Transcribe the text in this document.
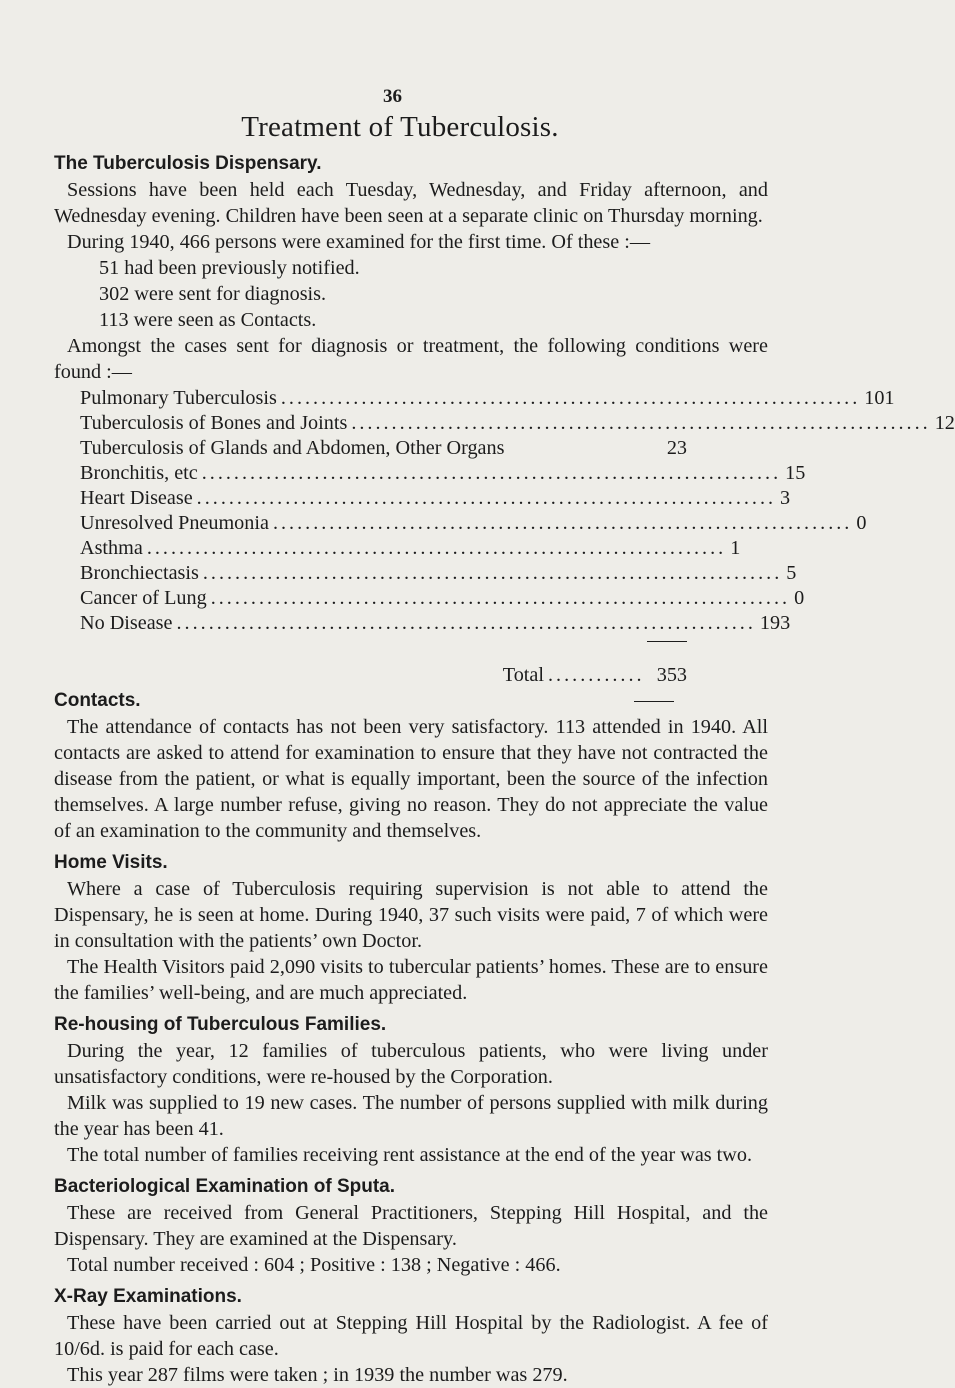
36
Treatment of Tuberculosis.
The Tuberculosis Dispensary.

Sessions have been held each Tuesday, Wednesday, and Friday afternoon, and Wednesday evening. Children have been seen at a separate clinic on Thursday morning.

During 1940, 466 persons were examined for the first time. Of these :—

51 had been previously notified.
302 were sent for diagnosis.
113 were seen as Contacts.

Amongst the cases sent for diagnosis or treatment, the following conditions were found :—

Pulmonary Tuberculosis ........................................................................ 101
Tuberculosis of Bones and Joints ........................................................................ 12
Tuberculosis of Glands and Abdomen, Other Organs	23
Bronchitis, etc ........................................................................ 15
Heart Disease ........................................................................ 3
Unresolved Pneumonia ........................................................................ 0
Asthma ........................................................................ 1
Bronchiectasis ........................................................................ 5
Cancer of Lung ........................................................................ 0
No Disease ........................................................................ 193
Total ............ 353
Contacts.

The attendance of contacts has not been very satisfactory. 113 attended in 1940. All contacts are asked to attend for examination to ensure that they have not contracted the disease from the patient, or what is equally important, been the source of the infection themselves. A large number refuse, giving no reason. They do not appreciate the value of an examination to the community and themselves.

Home Visits.

Where a case of Tuberculosis requiring supervision is not able to attend the Dispensary, he is seen at home. During 1940, 37 such visits were paid, 7 of which were in consultation with the patients’ own Doctor.

The Health Visitors paid 2,090 visits to tubercular patients’ homes. These are to ensure the families’ well-being, and are much appreciated.

Re-housing of Tuberculous Families.

During the year, 12 families of tuberculous patients, who were living under unsatisfactory conditions, were re-housed by the Corporation.

Milk was supplied to 19 new cases. The number of persons supplied with milk during the year has been 41.

The total number of families receiving rent assistance at the end of the year was two.

Bacteriological Examination of Sputa.

These are received from General Practitioners, Stepping Hill Hospital, and the Dispensary. They are examined at the Dispensary.

Total number received : 604 ; Positive : 138 ; Negative : 466.

X-Ray Examinations.

These have been carried out at Stepping Hill Hospital by the Radiologist. A fee of 10/6d. is paid for each case.

This year 287 films were taken ; in 1939 the number was 279.
